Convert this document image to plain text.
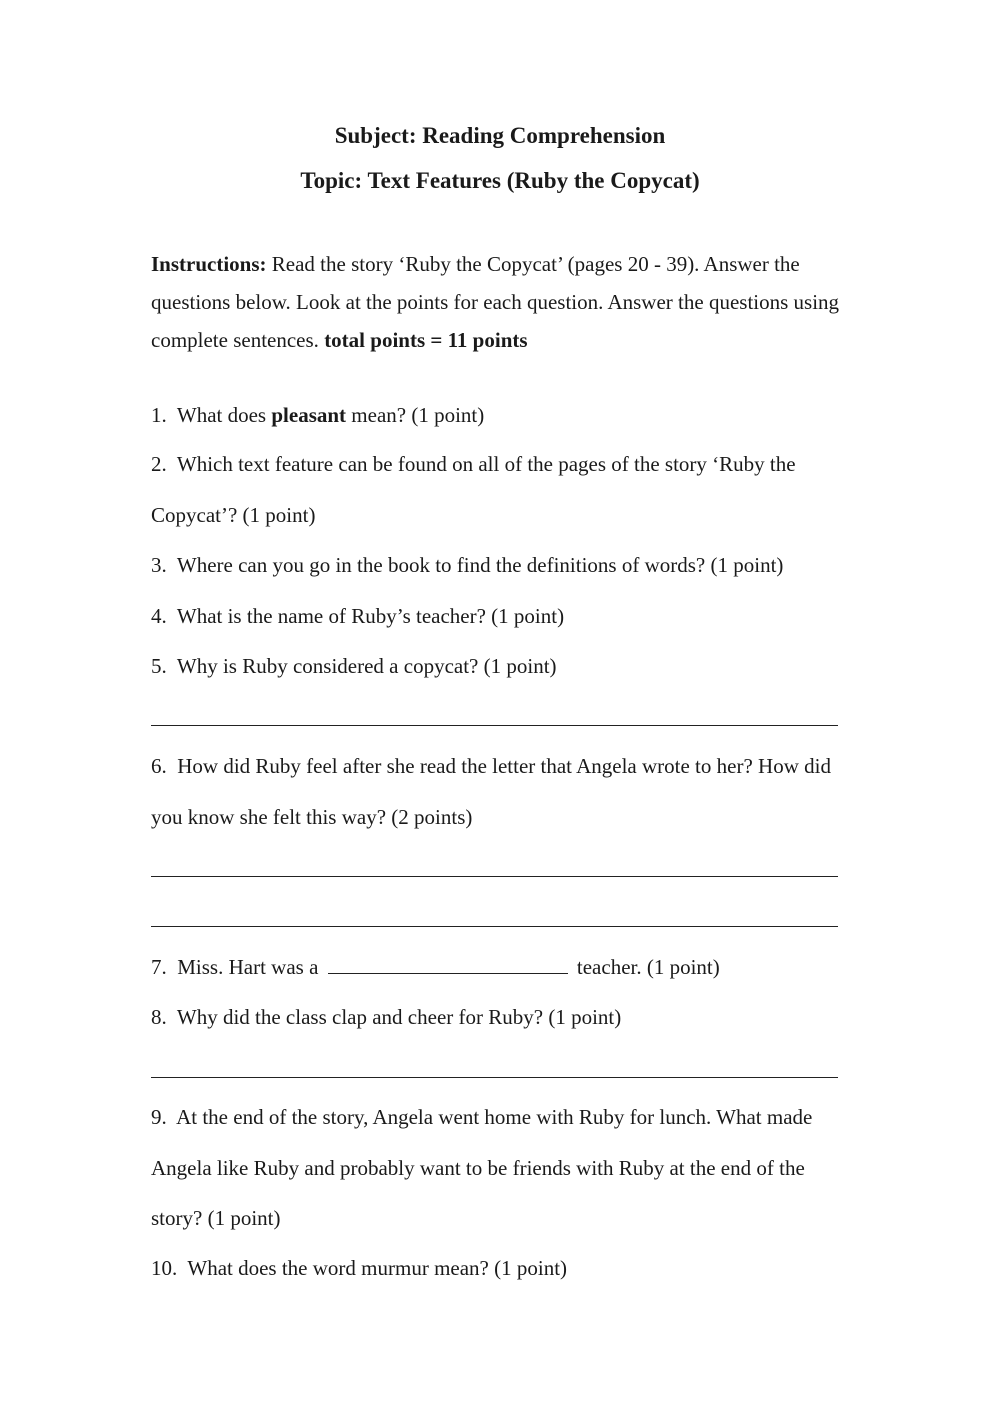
Subject: Reading Comprehension
Topic: Text Features (Ruby the Copycat)
Instructions: Read the story ‘Ruby the Copycat’ (pages 20 - 39). Answer the questions below. Look at the points for each question. Answer the questions using complete sentences. total points = 11 points
1. What does pleasant mean? (1 point)
2. Which text feature can be found on all of the pages of the story ‘Ruby the Copycat’? (1 point)
3. Where can you go in the book to find the definitions of words? (1 point)
4. What is the name of Ruby’s teacher? (1 point)
5. Why is Ruby considered a copycat? (1 point)
6. How did Ruby feel after she read the letter that Angela wrote to her? How did you know she felt this way? (2 points)
7. Miss. Hart was a	teacher. (1 point)
8. Why did the class clap and cheer for Ruby? (1 point)
9. At the end of the story, Angela went home with Ruby for lunch. What made Angela like Ruby and probably want to be friends with Ruby at the end of the story? (1 point)
10. What does the word murmur mean? (1 point)
